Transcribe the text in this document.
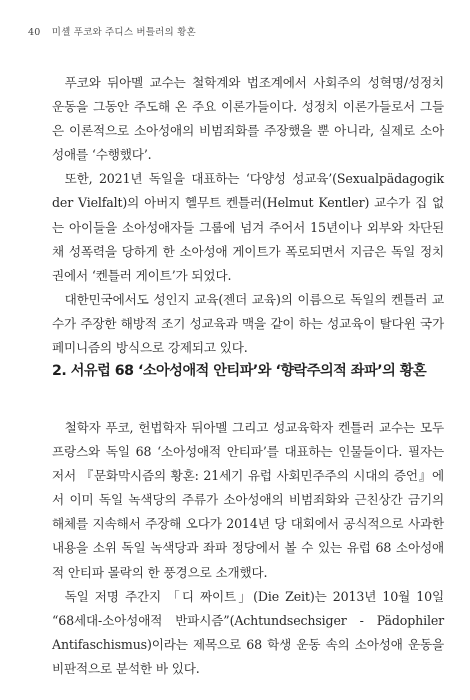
40 미셸 푸코와 주디스 버틀러의 황혼

푸코와 뒤아멜 교수는 철학계와 법조계에서 사회주의 성혁명/성정치 운동을 그동안 주도해 온 주요 이론가들이다. 성정치 이론가들로서 그들은 이론적으로 소아성애의 비범죄화를 주장했을 뿐 아니라, 실제로 소아성애를 ‘수행했다’.

또한, 2021년 독일을 대표하는 ‘다양성 성교육’(Sexualpädagogik der Vielfalt)의 아버지 헬무트 켄틀러(Helmut Kentler) 교수가 집 없는 아이들을 소아성애자들 그룹에 넘겨 주어서 15년이나 외부와 차단된 채 성폭력을 당하게 한 소아성애 게이트가 폭로되면서 지금은 독일 정치권에서 ‘켄틀러 게이트’가 되었다.

대한민국에서도 성인지 교육(젠더 교육)의 이름으로 독일의 켄틀러 교수가 주장한 해방적 조기 성교육과 맥을 같이 하는 성교육이 탈다윈 국가페미니즘의 방식으로 강제되고 있다.

2. 서유럽 68 ‘소아성애적 안티파’와 ‘향락주의적 좌파’의 황혼

철학자 푸코, 헌법학자 뒤아멜 그리고 성교육학자 켄틀러 교수는 모두 프랑스와 독일 68 ‘소아성애적 안티파’를 대표하는 인물들이다. 필자는 저서 『문화막시즘의 황혼: 21세기 유럽 사회민주주의 시대의 증언』에서 이미 독일 녹색당의 주류가 소아성애의 비범죄화와 근친상간 금기의 해체를 지속해서 주장해 오다가 2014년 당 대회에서 공식적으로 사과한 내용을 소위 독일 녹색당과 좌파 정당에서 볼 수 있는 유럽 68 소아성애적 안티파 몰락의 한 풍경으로 소개했다.

독일 저명 주간지 「디 짜이트」(Die Zeit)는 2013년 10월 10일 “68세대-소아성애적 반파시즘”(Achtundsechsiger - Pädophiler Antifaschismus)이라는 제목으로 68 학생 운동 속의 소아성애 운동을 비판적으로 분석한 바 있다.
